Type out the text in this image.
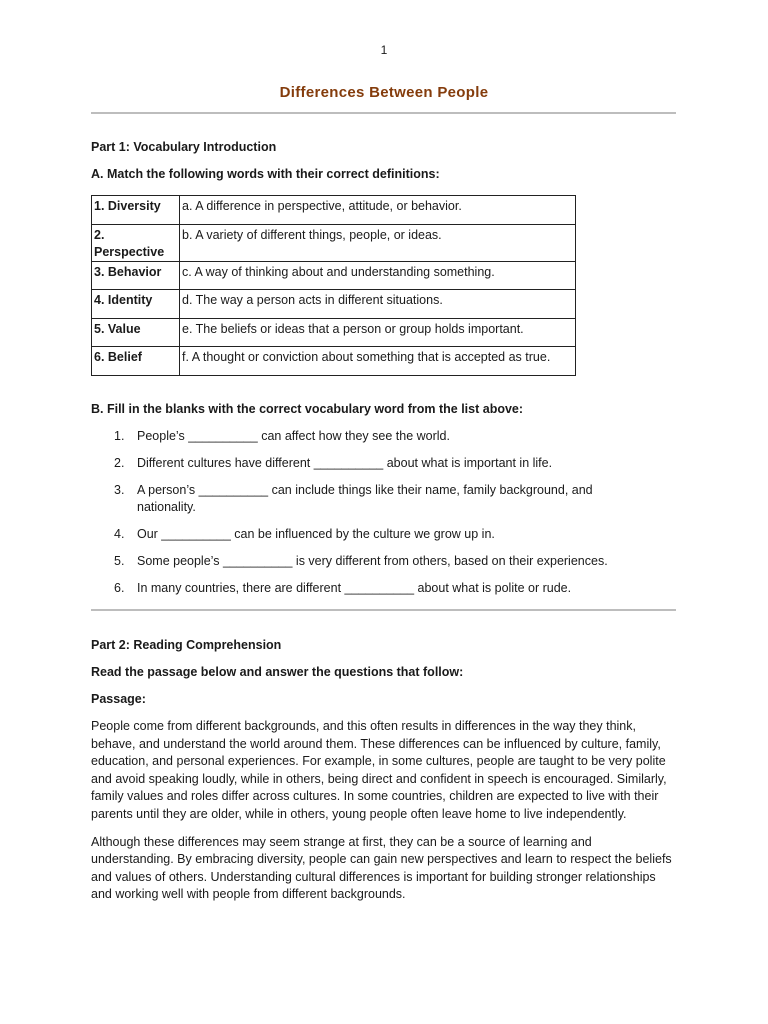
1
Differences Between People

Part 1: Vocabulary Introduction

A. Match the following words with their correct definitions:

1. Diversity	a. A difference in perspective, attitude, or behavior.
2. Perspective	b. A variety of different things, people, or ideas.
3. Behavior	c. A way of thinking about and understanding something.
4. Identity	d. The way a person acts in different situations.
5. Value	e. The beliefs or ideas that a person or group holds important.
6. Belief	f. A thought or conviction about something that is accepted as true.

B. Fill in the blanks with the correct vocabulary word from the list above:

1. People’s __________ can affect how they see the world.
2. Different cultures have different __________ about what is important in life.
3. A person’s __________ can include things like their name, family background, and nationality.
4. Our __________ can be influenced by the culture we grow up in.
5. Some people’s __________ is very different from others, based on their experiences.
6. In many countries, there are different __________ about what is polite or rude.

Part 2: Reading Comprehension

Read the passage below and answer the questions that follow:

Passage:

People come from different backgrounds, and this often results in differences in the way they think, behave, and understand the world around them. These differences can be influenced by culture, family, education, and personal experiences. For example, in some cultures, people are taught to be very polite and avoid speaking loudly, while in others, being direct and confident in speech is encouraged. Similarly, family values and roles differ across cultures. In some countries, children are expected to live with their parents until they are older, while in others, young people often leave home to live independently.

Although these differences may seem strange at first, they can be a source of learning and understanding. By embracing diversity, people can gain new perspectives and learn to respect the beliefs and values of others. Understanding cultural differences is important for building stronger relationships and working well with people from different backgrounds.
